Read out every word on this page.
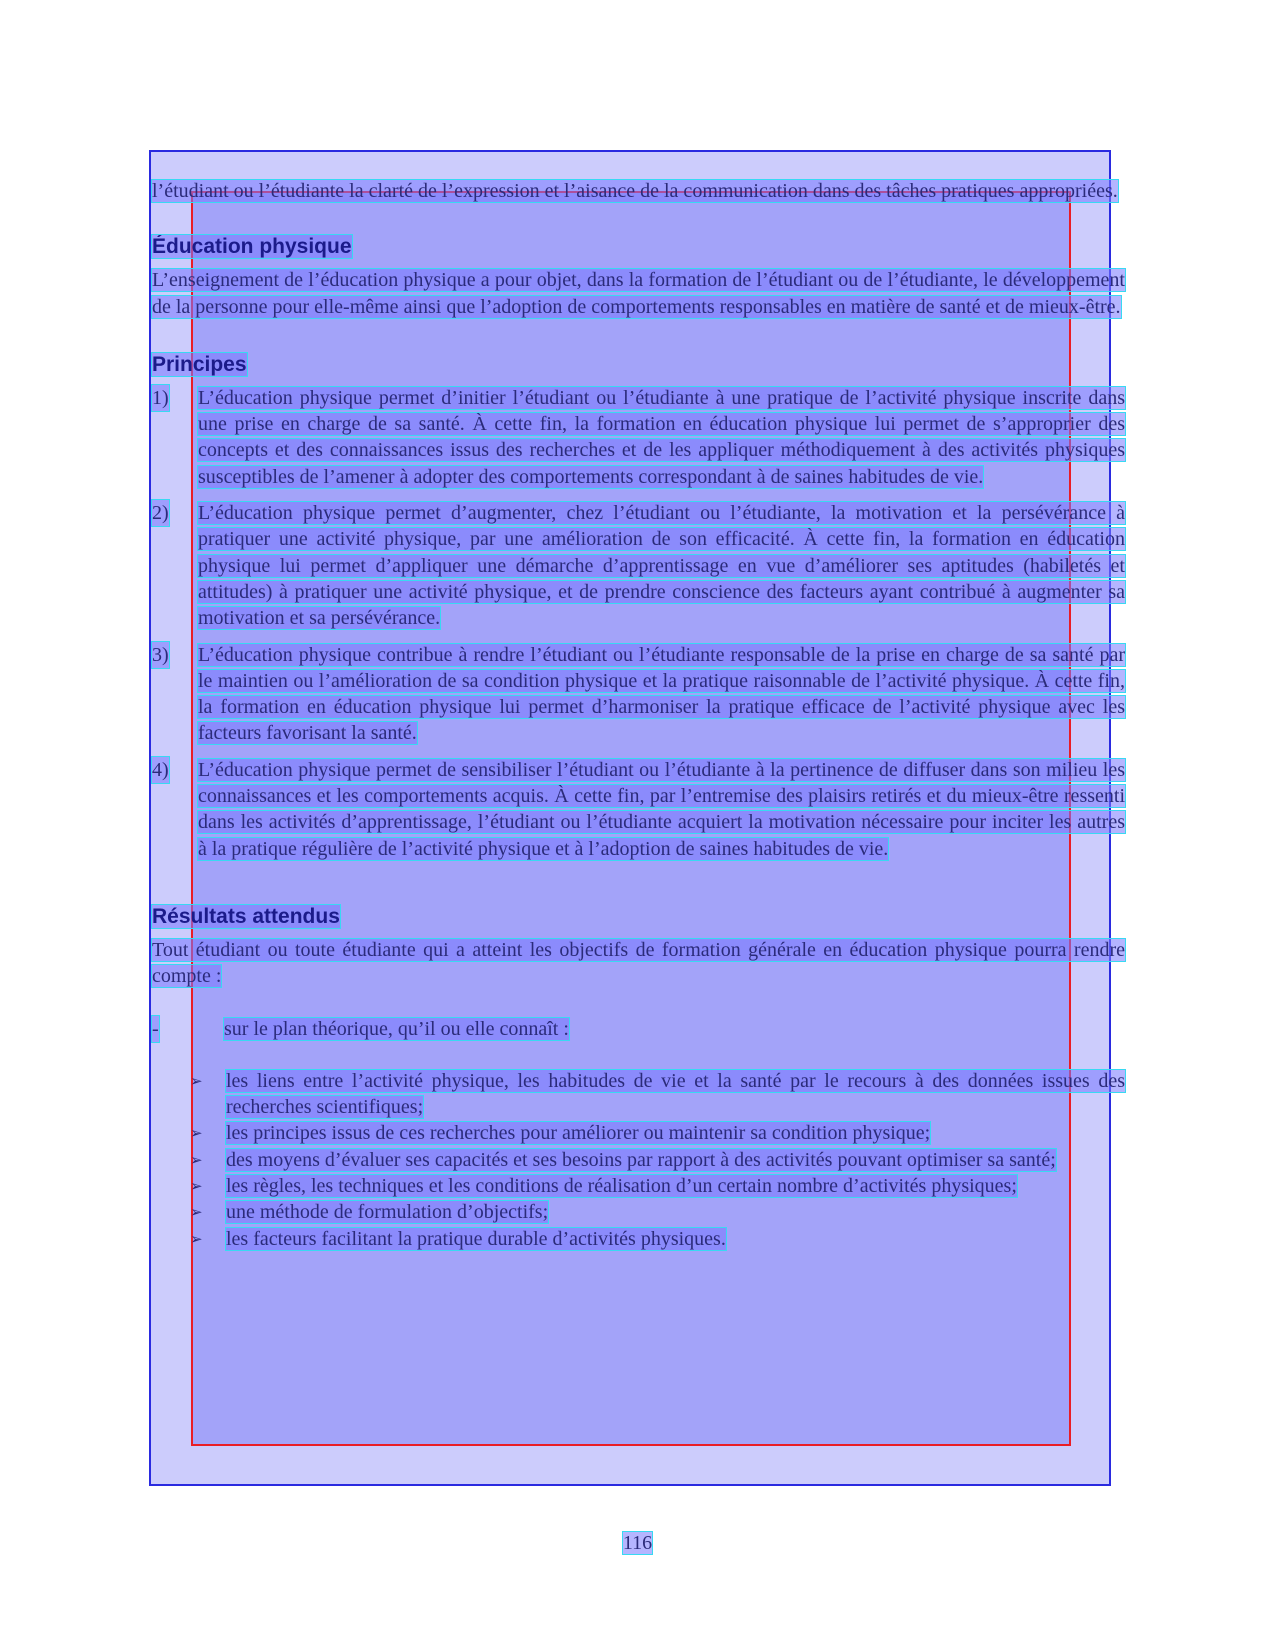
l’étudiant ou l’étudiante la clarté de l’expression et l’aisance de la communication dans des tâches pratiques appropriées.

Éducation physique

L’enseignement de l’éducation physique a pour objet, dans la formation de l’étudiant ou de l’étudiante, le développement de la personne pour elle-même ainsi que l’adoption de comportements responsables en matière de santé et de mieux-être.

Principes
1) L’éducation physique permet d’initier l’étudiant ou l’étudiante à une pratique de l’activité physique inscrite dans une prise en charge de sa santé. À cette fin, la formation en éducation physique lui permet de s’approprier des concepts et des connaissances issus des recherches et de les appliquer méthodiquement à des activités physiques susceptibles de l’amener à adopter des comportements correspondant à de saines habitudes de vie.

2) L’éducation physique permet d’augmenter, chez l’étudiant ou l’étudiante, la motivation et la persévérance à pratiquer une activité physique, par une amélioration de son efficacité. À cette fin, la formation en éducation physique lui permet d’appliquer une démarche d’apprentissage en vue d’améliorer ses aptitudes (habiletés et attitudes) à pratiquer une activité physique, et de prendre conscience des facteurs ayant contribué à augmenter sa motivation et sa persévérance.

3) L’éducation physique contribue à rendre l’étudiant ou l’étudiante responsable de la prise en charge de sa santé par le maintien ou l’amélioration de sa condition physique et la pratique raisonnable de l’activité physique. À cette fin, la formation en éducation physique lui permet d’harmoniser la pratique efficace de l’activité physique avec les facteurs favorisant la santé.

4) L’éducation physique permet de sensibiliser l’étudiant ou l’étudiante à la pertinence de diffuser dans son milieu les connaissances et les comportements acquis. À cette fin, par l’entremise des plaisirs retirés et du mieux-être ressenti dans les activités d’apprentissage, l’étudiant ou l’étudiante acquiert la motivation nécessaire pour inciter les autres à la pratique régulière de l’activité physique et à l’adoption de saines habitudes de vie.

Résultats attendus

Tout étudiant ou toute étudiante qui a atteint les objectifs de formation générale en éducation physique pourra rendre compte :

-	sur le plan théorique, qu’il ou elle connaît :
➢ les liens entre l’activité physique, les habitudes de vie et la santé par le recours à des données issues des recherches scientifiques;

➢ les principes issus de ces recherches pour améliorer ou maintenir sa condition physique;

➢ des moyens d’évaluer ses capacités et ses besoins par rapport à des activités pouvant optimiser sa santé;

➢ les règles, les techniques et les conditions de réalisation d’un certain nombre d’activités physiques;

➢ une méthode de formulation d’objectifs;

➢ les facteurs facilitant la pratique durable d’activités physiques.

116
